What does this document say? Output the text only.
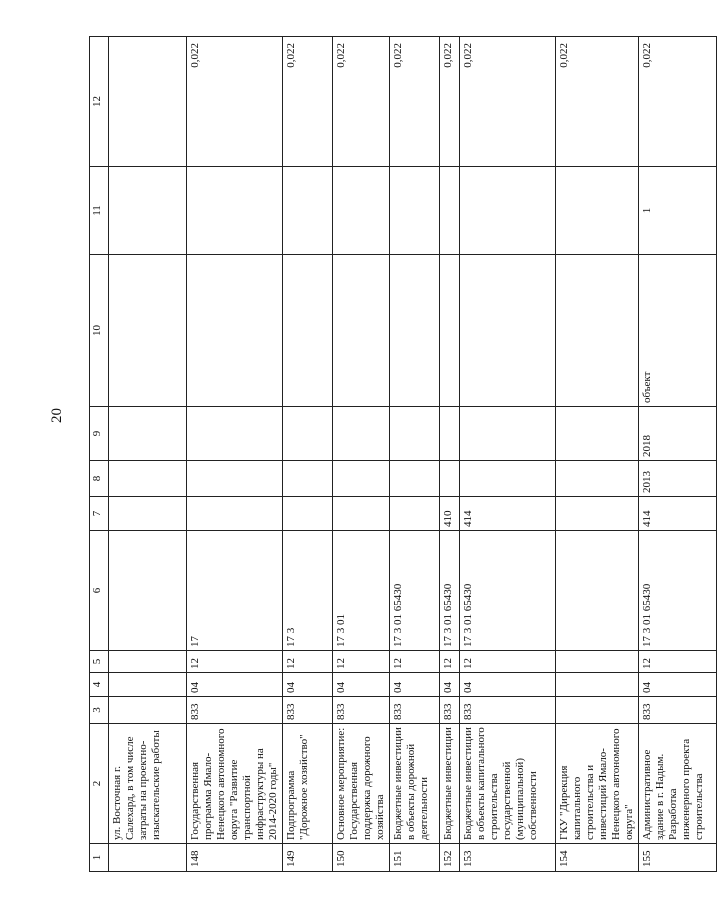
20
1	2	3	4	5	6	7	8	9	10	11	12
	ул. Восточная г. Салехард, в том числе затраты на проектно-изыскательские работы										
148	Государственная программа Ямало-Ненецкого автономного округа "Развитие транспортной инфраструктуры на 2014-2020 годы"	833	04	12	17						0,022
149	Подпрограмма "Дорожное хозяйство"	833	04	12	17 3						0,022
150	Основное мероприятие: Государственная поддержка дорожного хозяйства	833	04	12	17 3 01						0,022
151	Бюджетные инвестиции в объекты дорожной деятельности	833	04	12	17 3 01 65430						0,022
152	Бюджетные инвестиции	833	04	12	17 3 01 65430	410					0,022
153	Бюджетные инвестиции в объекты капитального строительства государственной (муниципальной) собственности	833	04	12	17 3 01 65430	414					0,022
154	ГКУ "Дирекция капитального строительства и инвестиций Ямало-Ненецкого автономного округа"										0,022
155	Административное здание в г. Надым. Разработка инженерного проекта строительства	833	04	12	17 3 01 65430	414	2013	2018	объект	1	0,022
